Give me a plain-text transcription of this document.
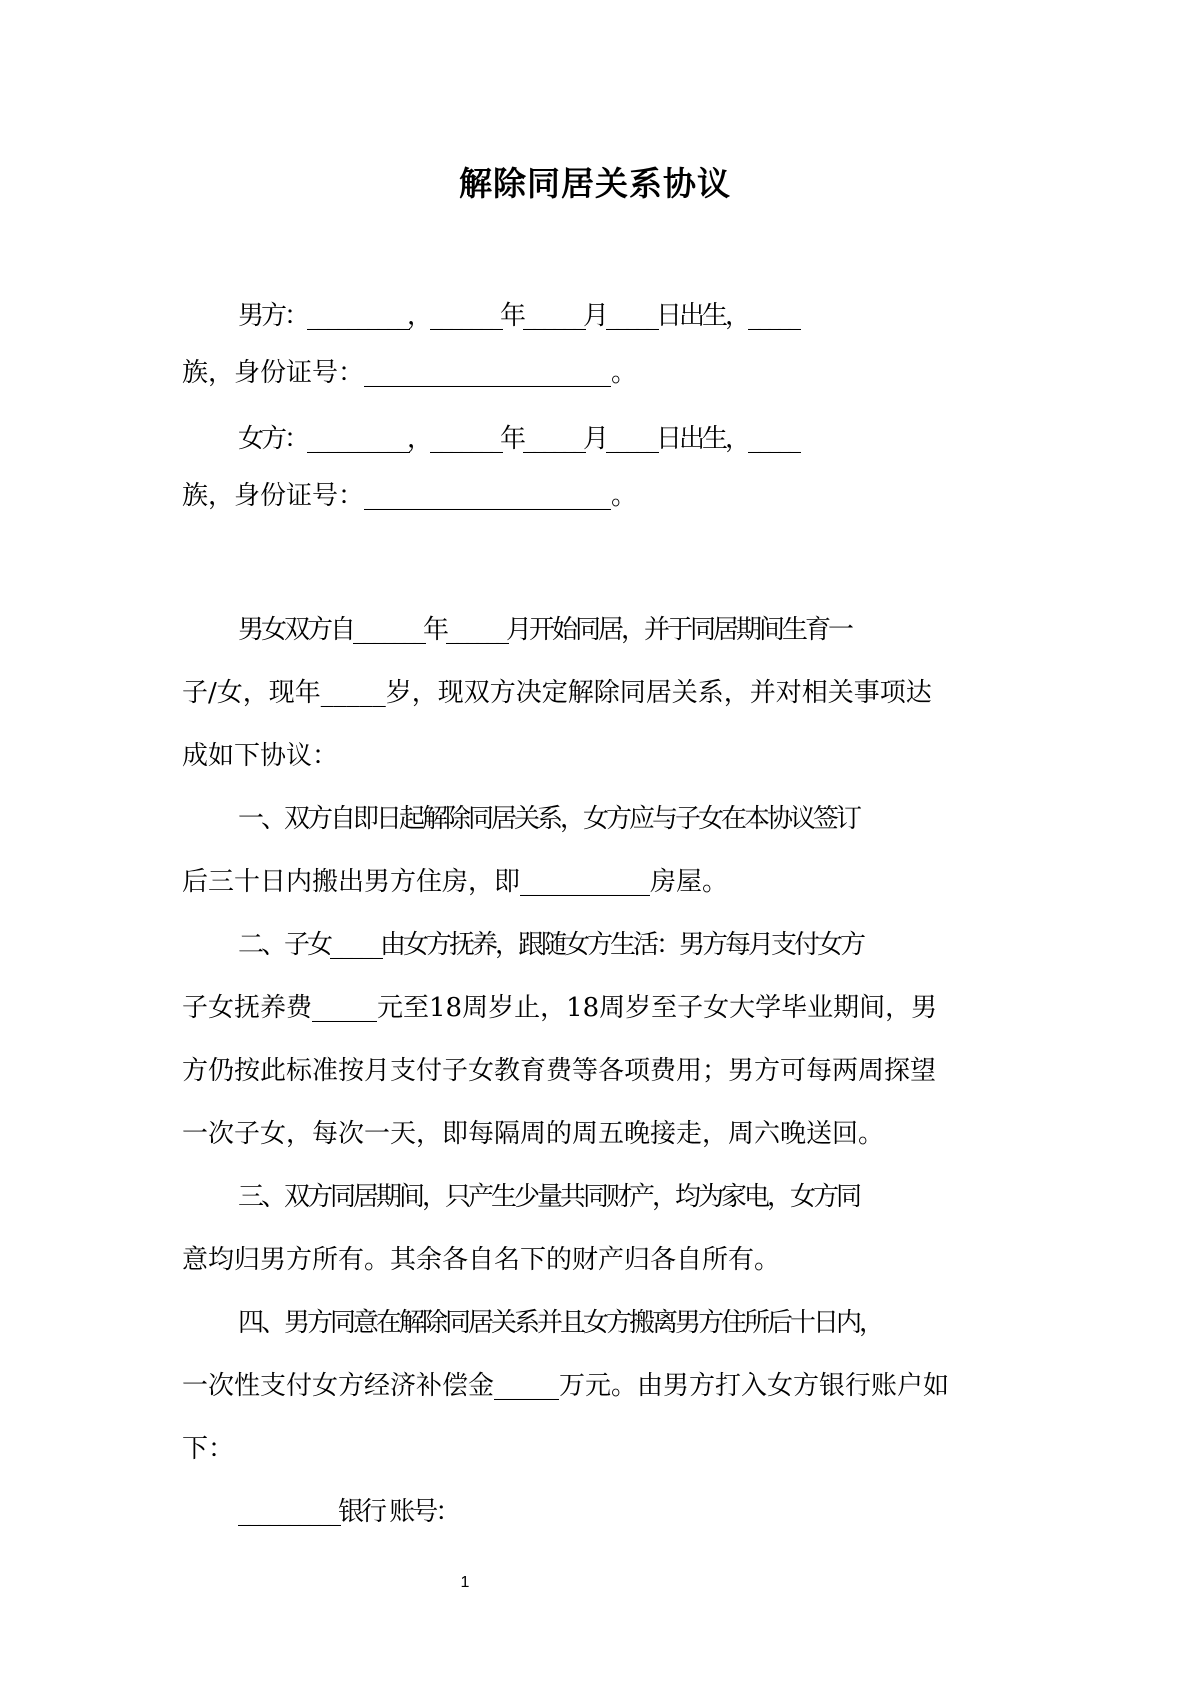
解除同居关系协议
男方：__________，_______年______月_____日出生，_____
族，身份证号：___________________。
女方：__________，_______年______月_____日出生，_____
族，身份证号：___________________。
男女双方自_______年______月开始同居，并于同居期间生育一
子/女，现年_____岁，现双方决定解除同居关系，并对相关事项达
成如下协议：
一、双方自即日起解除同居关系，女方应与子女在本协议签订
后三十日内搬出男方住房，即__________房屋。
二、子女_____由女方抚养，跟随女方生活：男方每月支付女方
子女抚养费_____元至18周岁止，18周岁至子女大学毕业期间，男
方仍按此标准按月支付子女教育费等各项费用；男方可每两周探望
一次子女，每次一天，即每隔周的周五晚接走，周六晚送回。
三、双方同居期间，只产生少量共同财产，均为家电，女方同
意均归男方所有。其余各自名下的财产归各自所有。
四、男方同意在解除同居关系并且女方搬离男方住所后十日内，
一次性支付女方经济补偿金_____万元。由男方打入女方银行账户如
下：
__________银行 账号：
1
